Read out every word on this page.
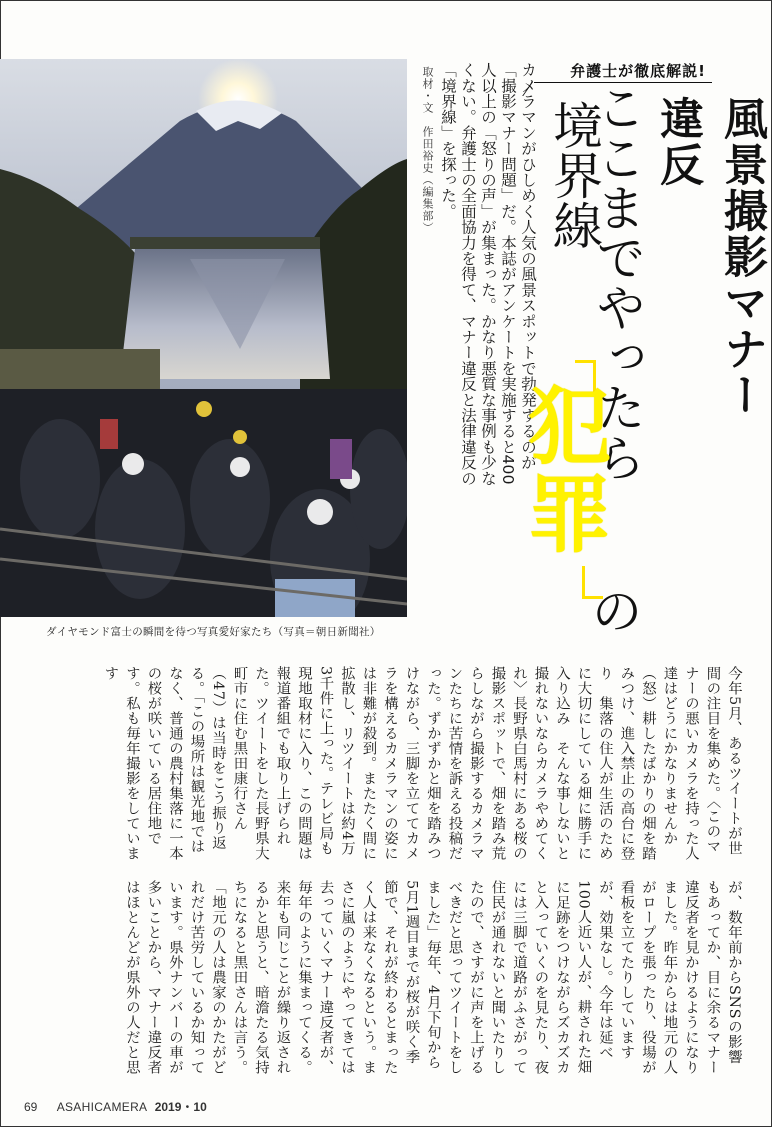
ダイヤモンド富士の瞬間を待つ写真愛好家たち（写真＝朝日新聞社）
取材・文　作田裕史（編集部）	カメラマンがひしめく人気の風景スポットで勃発するのが「撮影マナー問題」だ。本誌がアンケートを実施すると400人以上の「怒りの声」が集まった。かなり悪質な事例も少なくない。弁護士の全面協力を得て、マナー違反と法律違反の「境界線」を探った。	弁護士が徹底解説!
風景撮影マナー違反
ここまでやったら
境界線
犯罪
の

今年5月、あるツイートが世間の注目を集めた。〈このマナーの悪いカメラを持った人達はどうにかなりませんか（怒）耕したばかりの畑を踏みつけ、進入禁止の高台に登り　集落の住人が生活のために大切にしている畑に勝手に入り込み　そんな事しないと撮れないならカメラやめてくれ〉長野県白馬村にある桜の撮影スポットで、畑を踏み荒らしながら撮影するカメラマンたちに苦情を訴える投稿だった。ずかずかと畑を踏みつけながら、三脚を立ててカメラを構えるカメラマンの姿には非難が殺到。またたく間に拡散し、リツイートは約4万3千件に上った。テレビ局も現地取材に入り、この問題は報道番組でも取り上げられた。ツイートをした長野県大町市に住む黒田康行さん（47）は当時をこう振り返る。「この場所は観光地ではなく、普通の農村集落に一本の桜が咲いている居住地です。私も毎年撮影をしています

が、数年前からSNSの影響もあってか、目に余るマナー違反者を見かけるようになりました。昨年からは地元の人がロープを張ったり、役場が看板を立てたりしていますが、効果なし。今年は延べ100人近い人が、耕された畑に足跡をつけながらズカズカと入っていくのを見たり、夜には三脚で道路がふさがって住民が通れないと聞いたりしたので、さすがに声を上げるべきだと思ってツイートをしました」毎年、4月下旬から5月1週目までが桜が咲く季節で、それが終わるとまったく人は来なくなるという。まさに嵐のようにやってきては去っていくマナー違反者が、毎年のように集まってくる。来年も同じことが繰り返されるかと思うと、暗澹たる気持ちになると黒田さんは言う。「地元の人は農家のかたがどれだけ苦労しているか知っています。県外ナンバーの車が多いことから、マナー違反者はほとんどが県外の人だと思

69 ASAHICAMERA 2019・10
